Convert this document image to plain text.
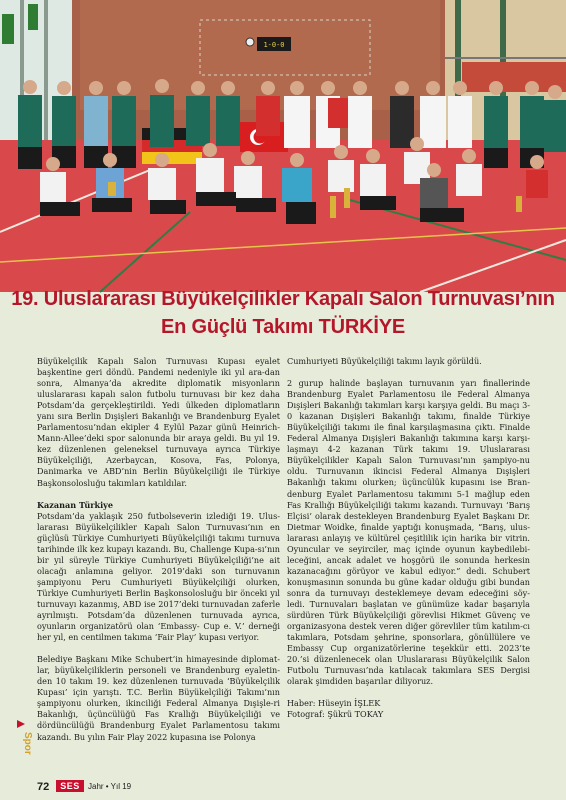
1-0-0
19. Uluslararası Büyükelçilikler Kapalı Salon Turnuvası’nın
En Güçlü Takımı TÜRKİYE

Büyükelçilik Kapalı Salon Turnuvası Kupası eyalet başkentine geri döndü. Pandemi nedeniyle iki yıl ara-dan sonra, Almanya’da akredite diplomatik misyonların uluslararası kapalı salon futbolu turnuvası bir kez daha Potsdam’da gerçekleştirildi. Yedi ülkeden diplomatların yanı sıra Berlin Dışişleri Bakanlığı ve Brandenburg Eyalet Parlamentosu’ndan ekipler 4 Eylül Pazar günü Heinrich-Mann-Allee’deki spor salonunda bir araya geldi. Bu yıl 19. kez düzenlenen geleneksel turnuvaya ayrıca Türkiye Büyükelçiliği, Azerbaycan, Kosova, Fas, Polonya, Danimarka ve ABD’nin Berlin Büyükelçiliği ile Türkiye Başkonsolosluğu takımları katıldılar.

Kazanan Türkiye

Potsdam’da yaklaşık 250 futbolseverin izlediği 19. Ulus-lararası Büyükelçilikler Kapalı Salon Turnuvası’nın en güçlüsü Türkiye Cumhuriyeti Büyükelçiliği takımı turnuva tarihinde ilk kez kupayı kazandı. Bu, Challenge Kupa-sı’nın bir yıl süreyle Türkiye Cumhuriyeti Büyükelçiliği’ne ait olacağı anlamına geliyor. 2019’daki son turnuvanın şampiyonu Peru Cumhuriyeti Büyükelçiliği olurken, Türkiye Cumhuriyeti Berlin Başkonsolosluğu bir önceki yıl turnuvayı kazanmış, ABD ise 2017’deki turnuvadan zaferle ayrılmıştı. Potsdam’da düzenlenen turnuvada ayrıca, oyunların organizatörü olan ‘Embassy- Cup e. V.’ derneği her yıl, en centilmen takıma ‘Fair Play’ kupası veriyor.

Belediye Başkanı Mike Schubert’in himayesinde diplomat-lar, büyükelçiliklerin personeli ve Brandenburg eyaletin-den 10 takım 19. kez düzenlenen turnuvada ‘Büyükelçilik Kupası’ için yarıştı. T.C. Berlin Büyükelçiliği Takımı’nın şampiyonu olurken, ikinciliği Federal Almanya Dışişle-ri Bakanlığı, üçüncülüğü Fas Krallığı Büyükelçiliği ve dördüncülüğü Brandenburg Eyalet Parlamentosu takımı kazandı. Bu yılın Fair Play 2022 kupasına ise Polonya

Cumhuriyeti Büyükelçiliği takımı layık görüldü.

2 gurup halinde başlayan turnuvanın yarı finallerinde Brandenburg Eyalet Parlamentosu ile Federal Almanya Dışişleri Bakanlığı takımları karşı karşıya geldi. Bu maçı 3-0 kazanan Dışişleri Bakanlığı takımı, finalde Türkiye Büyükelçiliği takımı ile final karşılaşmasına çıktı. Finalde Federal Almanya Dışişleri Bakanlığı takımına karşı karşı-laşmayı 4-2 kazanan Türk takımı 19. Uluslararası Büyükelçilikler Kapalı Salon Turnuvası’nın şampiyo-nu oldu. Turnuvanın ikincisi Federal Almanya Dışişleri Bakanlığı takımı olurken; üçüncülük kupasını ise Bran-denburg Eyalet Parlamentosu takımını 5-1 mağlup eden Fas Krallığı Büyükelçiliği takımı kazandı. Turnuvayı ‘Barış Elçisi’ olarak destekleyen Brandenburg Eyalet Başkanı Dr. Dietmar Woidke, finalde yaptığı konuşmada, “Barış, ulus-lararası anlayış ve kültürel çeşitlilik için harika bir vitrin. Oyuncular ve seyirciler, maç içinde oyunun kaybedilebi-leceğini, ancak adalet ve hoşgörü ile sonunda herkesin kazanacağını görüyor ve kabul ediyor.” dedi. Schubert konuşmasının sonunda bu güne kadar olduğu gibi bundan sonra da turnuvayı desteklemeye devam edeceğini söy-ledi. Turnuvaları başlatan ve günümüze kadar başarıyla sürdüren Türk Büyükelçiliği görevlisi Hikmet Güvenç ve organizasyona destek veren diğer görevliler tüm katılım-cı takımlara, Potsdam şehrine, sponsorlara, gönüllülere ve Embassy Cup organizatörlerine teşekkür etti. 2023’te 20.’si düzenlenecek olan Uluslararası Büyükelçilik Salon Futbolu Turnuvası’nda katılacak takımlara SES Dergisi olarak şimdiden başarılar diliyoruz.

Haber: Hüseyin İŞLEK

Fotograf: Şükrü TOKAY

Spor
72	SES	Jahr • Yıl 19
